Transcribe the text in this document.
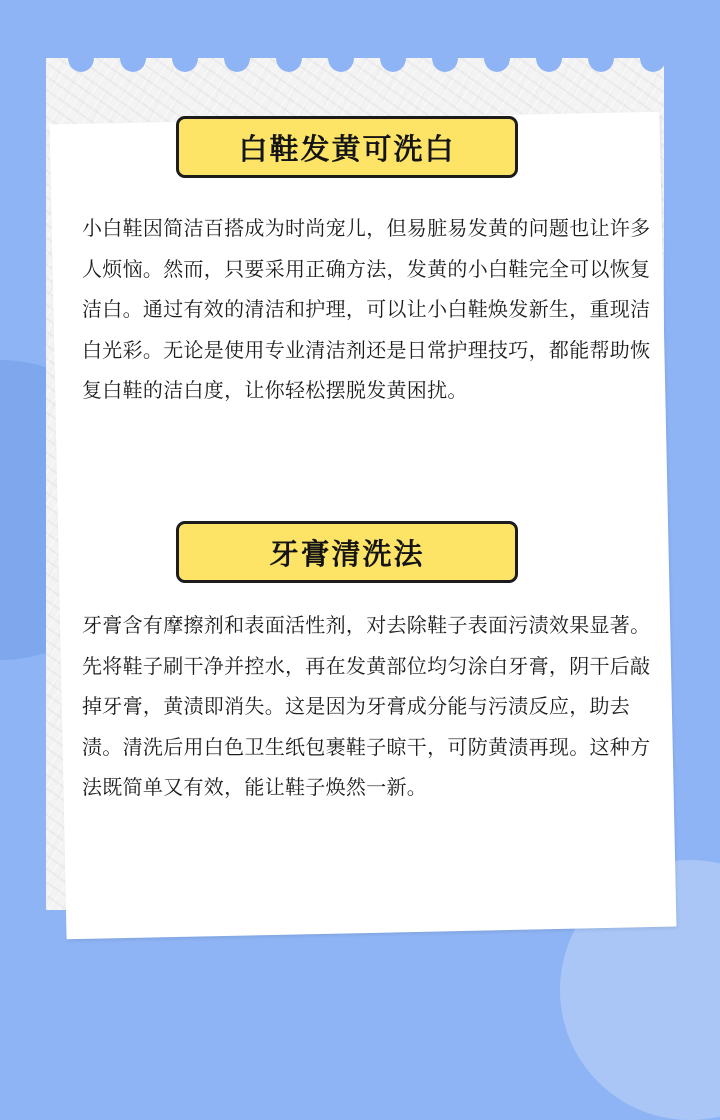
白鞋发黄可洗白

小白鞋因简洁百搭成为时尚宠儿，但易脏易发黄的问题也让许多人烦恼。然而，只要采用正确方法，发黄的小白鞋完全可以恢复洁白。通过有效的清洁和护理，可以让小白鞋焕发新生，重现洁白光彩。无论是使用专业清洁剂还是日常护理技巧，都能帮助恢复白鞋的洁白度，让你轻松摆脱发黄困扰。

牙膏清洗法

牙膏含有摩擦剂和表面活性剂，对去除鞋子表面污渍效果显著。先将鞋子刷干净并控水，再在发黄部位均匀涂白牙膏，阴干后敲掉牙膏，黄渍即消失。这是因为牙膏成分能与污渍反应，助去渍。清洗后用白色卫生纸包裹鞋子晾干，可防黄渍再现。这种方法既简单又有效，能让鞋子焕然一新。
